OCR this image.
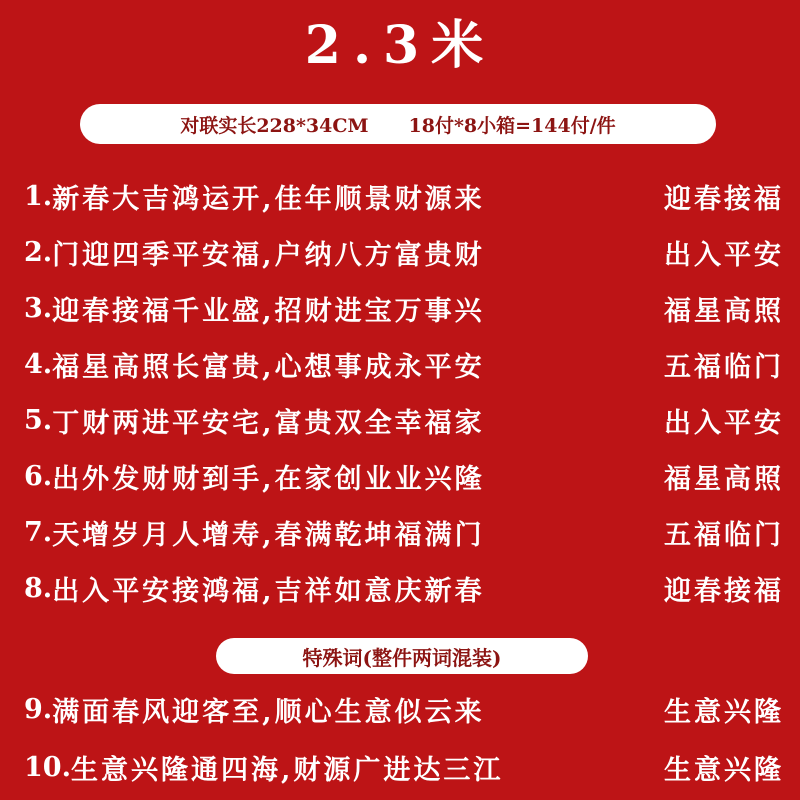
2.3米
对联实长228*34CM 18付*8小箱=144付/件
1. 新春大吉鸿运开,佳年顺景财源来	迎春接福
2. 门迎四季平安福,户纳八方富贵财	出入平安
3. 迎春接福千业盛,招财进宝万事兴	福星高照
4. 福星高照长富贵,心想事成永平安	五福临门
5. 丁财两进平安宅,富贵双全幸福家	出入平安
6. 出外发财财到手,在家创业业兴隆	福星高照
7. 天增岁月人增寿,春满乾坤福满门	五福临门
8. 出入平安接鸿福,吉祥如意庆新春	迎春接福
特殊词(整件两词混装)
9. 满面春风迎客至,顺心生意似云来	生意兴隆
10. 生意兴隆通四海,财源广进达三江	生意兴隆
